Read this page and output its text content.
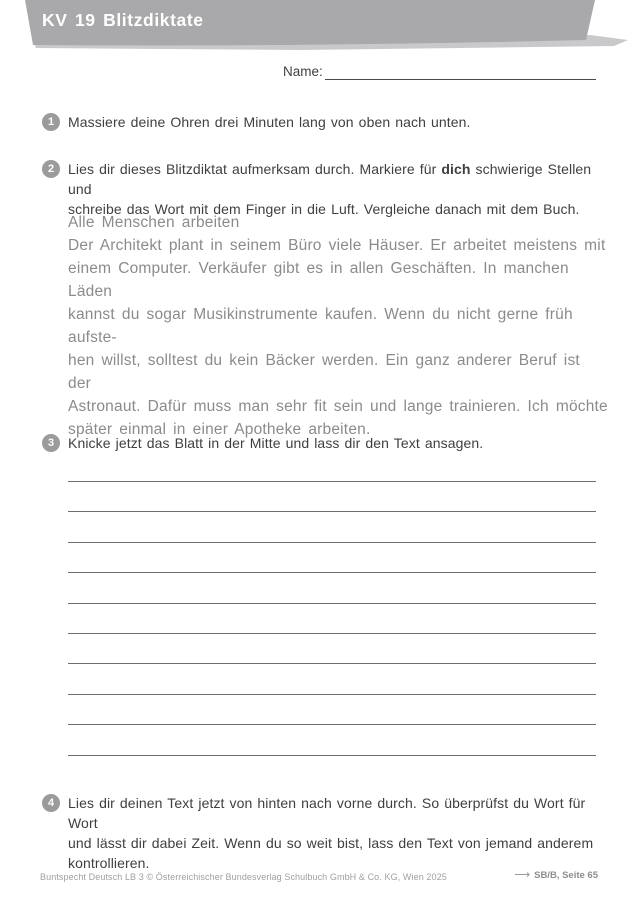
KV 19 Blitzdiktate
Name:
1 Massiere deine Ohren drei Minuten lang von oben nach unten.
2 Lies dir dieses Blitzdiktat aufmerksam durch. Markiere für dich schwierige Stellen und
schreibe das Wort mit dem Finger in die Luft. Vergleiche danach mit dem Buch.
Alle Menschen arbeiten
Der Architekt plant in seinem Büro viele Häuser. Er arbeitet meistens mit
einem Computer. Verkäufer gibt es in allen Geschäften. In manchen Läden
kannst du sogar Musikinstrumente kaufen. Wenn du nicht gerne früh aufste-
hen willst, solltest du kein Bäcker werden. Ein ganz anderer Beruf ist der
Astronaut. Dafür muss man sehr fit sein und lange trainieren. Ich möchte
später einmal in einer Apotheke arbeiten.
3 Knicke jetzt das Blatt in der Mitte und lass dir den Text ansagen.
4 Lies dir deinen Text jetzt von hinten nach vorne durch. So überprüfst du Wort für Wort
und lässt dir dabei Zeit. Wenn du so weit bist, lass den Text von jemand anderem
kontrollieren.
Buntspecht Deutsch LB 3 © Österreichischer Bundesverlag Schulbuch GmbH & Co. KG, Wien 2025	⟶ SB/B, Seite 65
